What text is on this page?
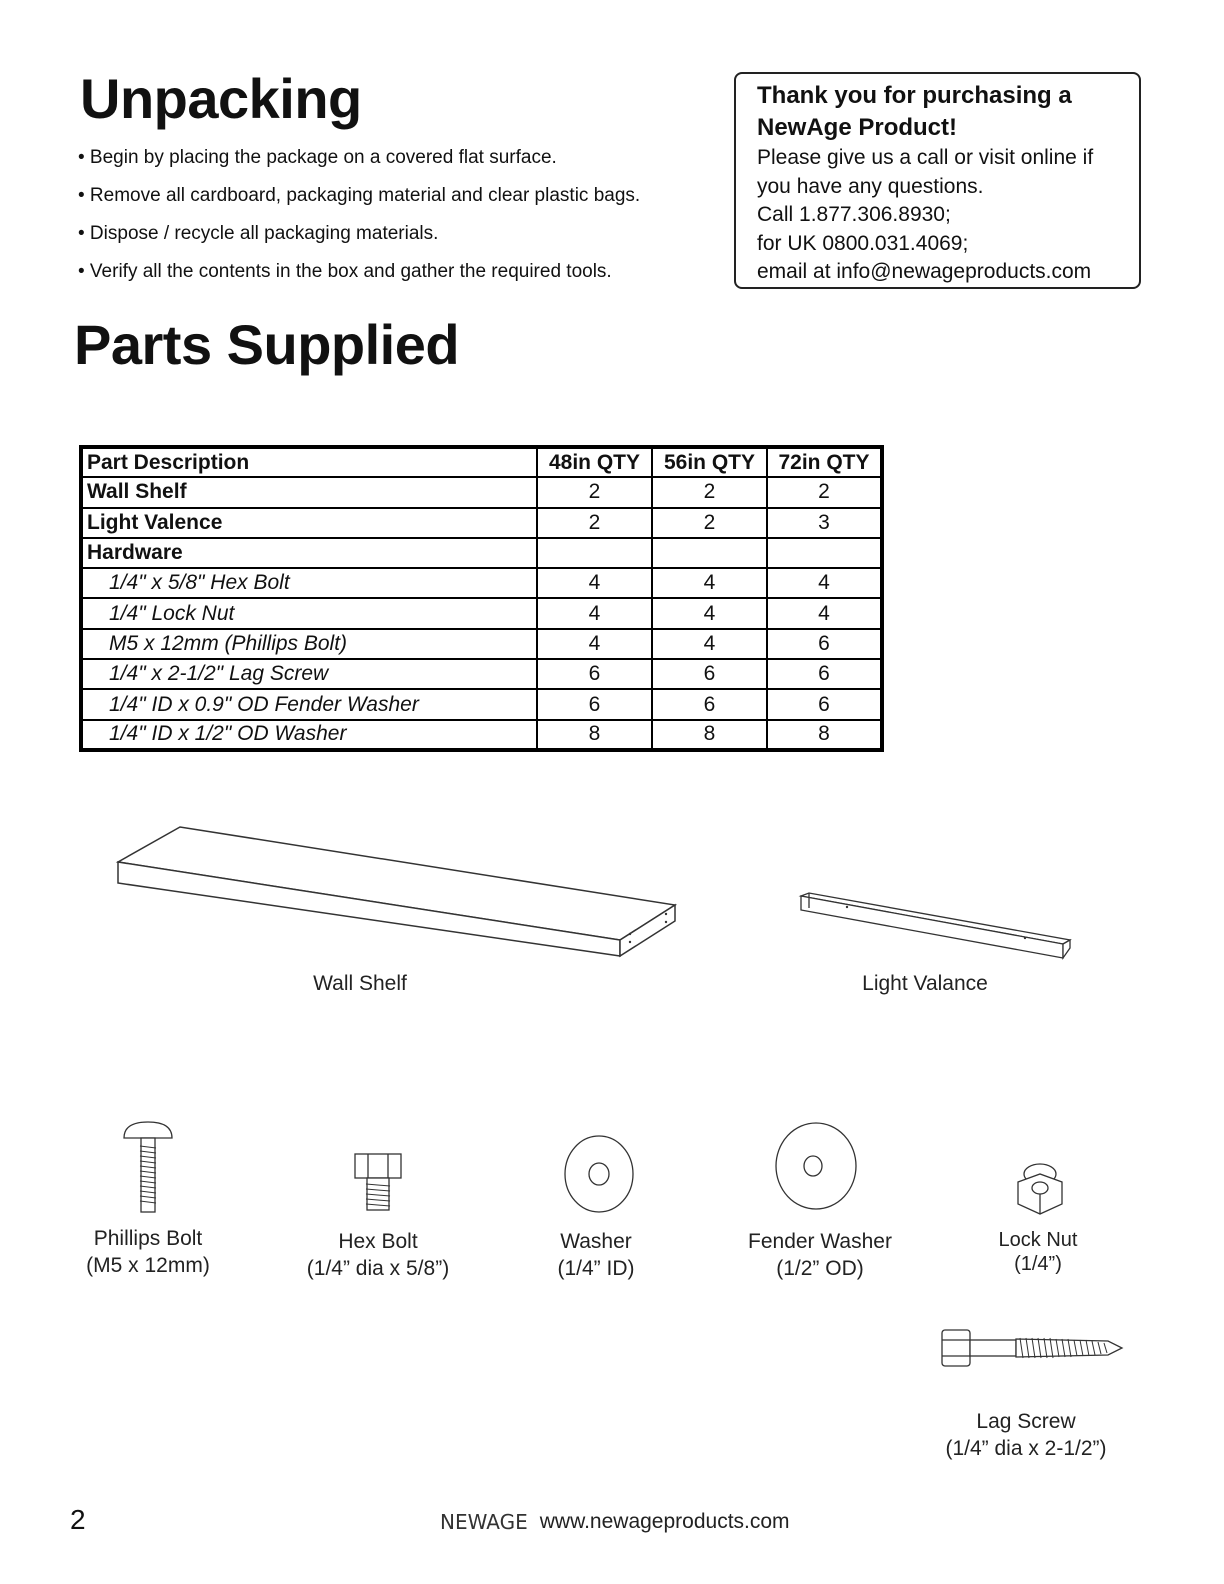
Unpacking
• Begin by placing the package on a covered flat surface.
• Remove all cardboard, packaging material and clear plastic bags.
• Dispose / recycle all packaging materials.
• Verify all the contents in the box and gather the required tools.
Thank you for purchasing a
NewAge Product!
Please give us a call or visit online if
you have any questions.
Call 1.877.306.8930;
for UK 0800.031.4069;
email at info@newageproducts.com
Parts Supplied
Part Description	48in QTY	56in QTY	72in QTY
Wall Shelf	2	2	2
Light Valence	2	2	3
Hardware			
1/4" x 5/8" Hex Bolt	4	4	4
1/4" Lock Nut	4	4	4
M5 x 12mm (Phillips Bolt)	4	4	6
1/4" x 2-1/2" Lag Screw	6	6	6
1/4" ID x 0.9" OD Fender Washer	6	6	6
1/4" ID x 1/2" OD Washer	8	8	8
Wall Shelf	Light Valance
Phillips Bolt
(M5 x 12mm)
Hex Bolt
(1/4” dia x 5/8”)
Washer
(1/4” ID)
Fender Washer
(1/2” OD)
Lock Nut
(1/4”)
Lag Screw
(1/4” dia x 2-1/2”)
2	NEWAGE www.newageproducts.com
